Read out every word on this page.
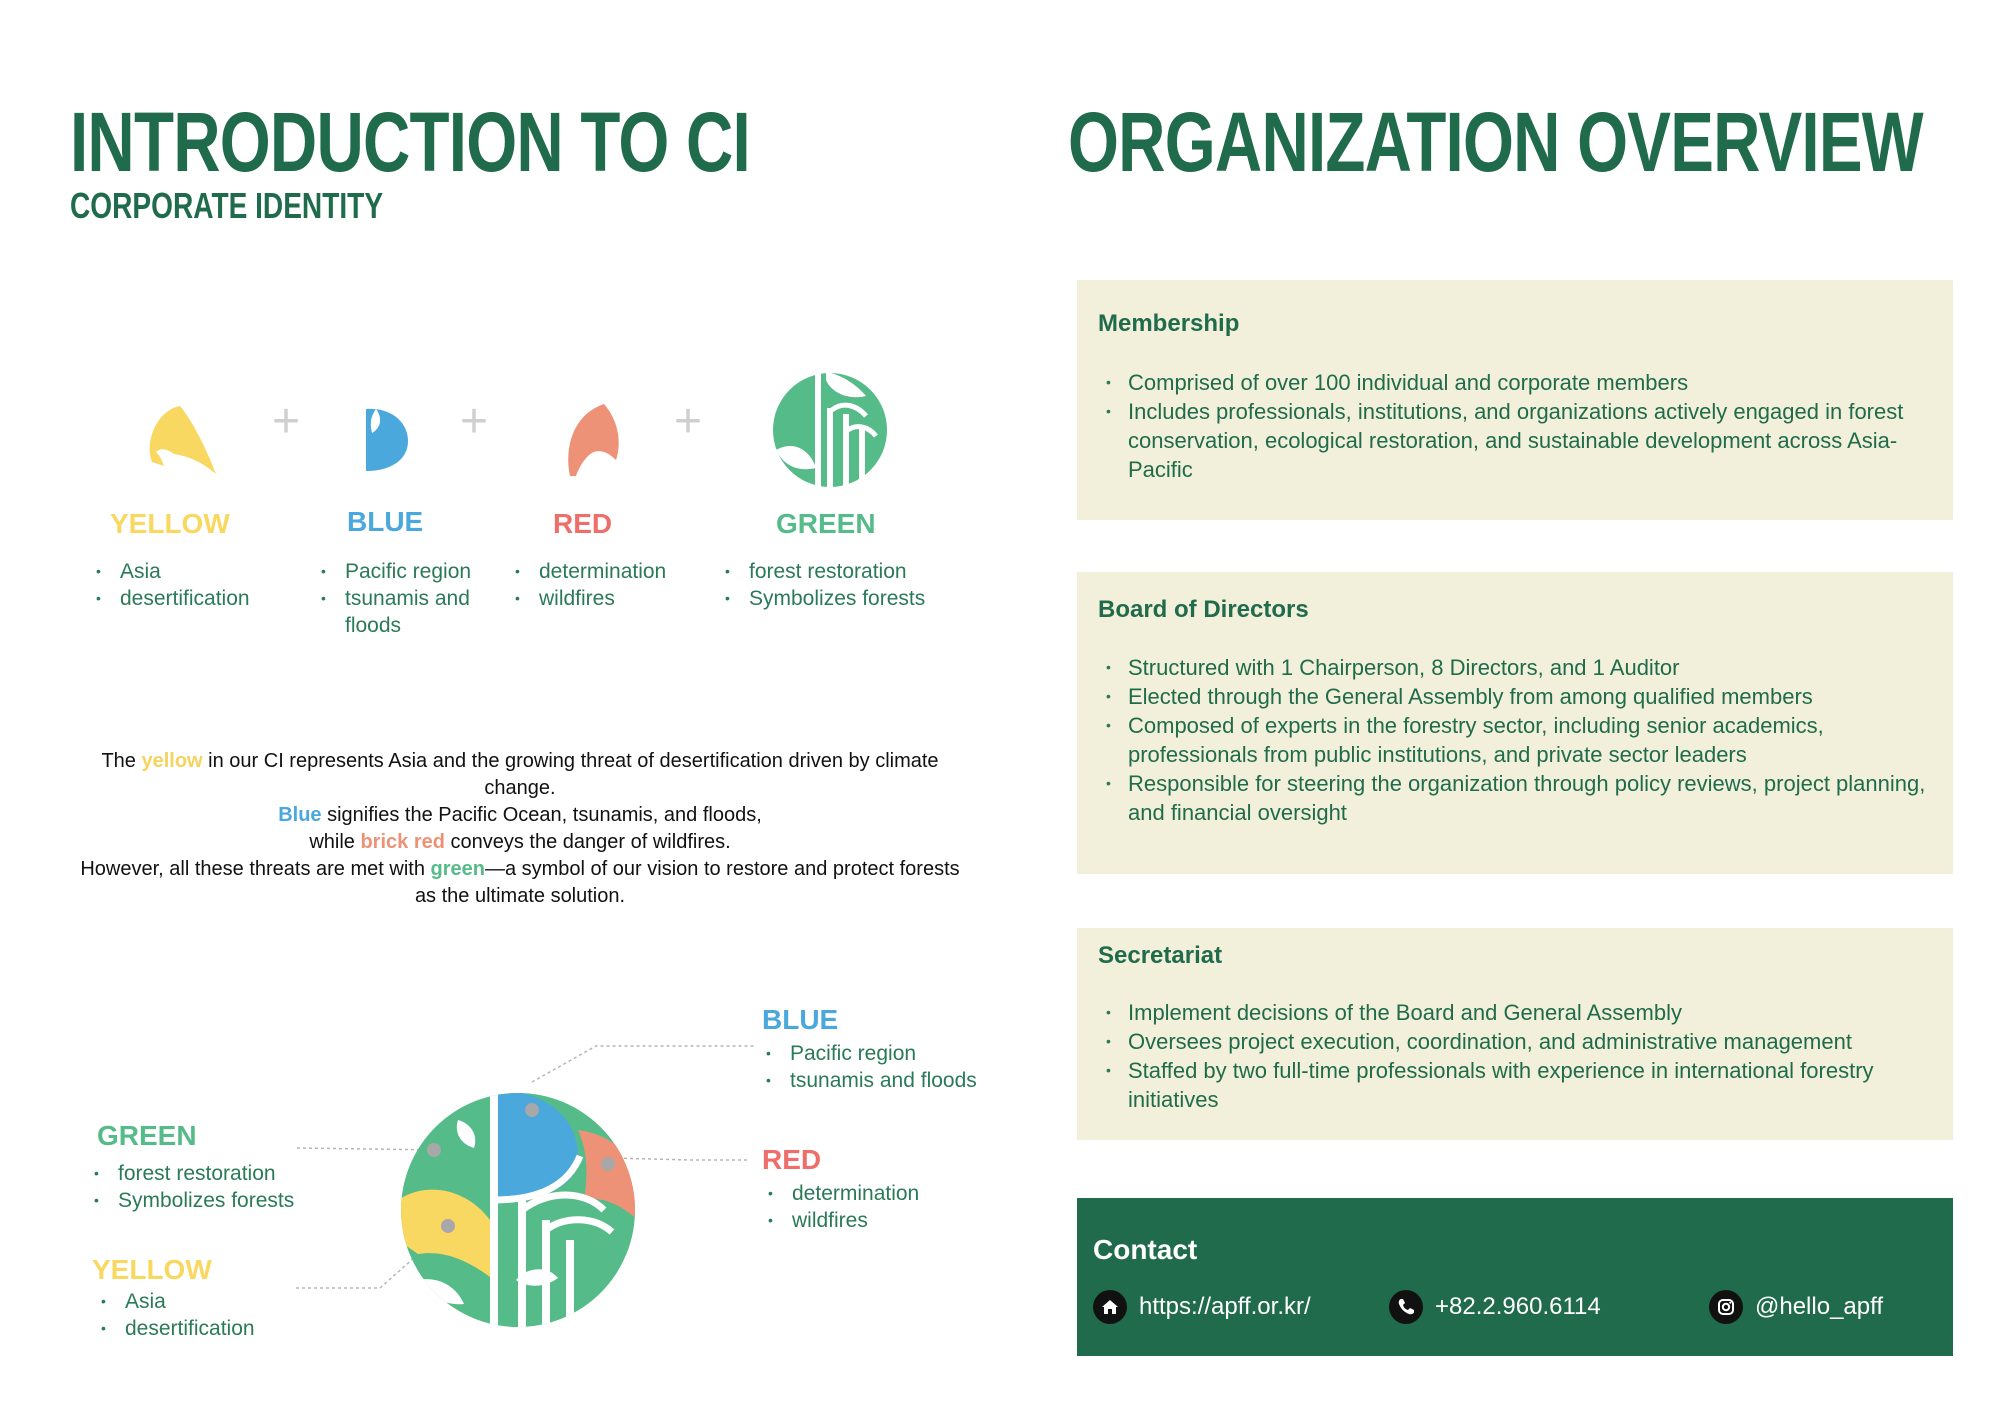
INTRODUCTION TO CI
CORPORATE IDENTITY
+	+	+
YELLOW	BLUE	RED	GREEN
• Asia
• desertification
• Pacific region
• tsunamis and floods
• determination
• wildfires
• forest restoration
• Symbolizes forests
The yellow in our CI represents Asia and the growing threat of desertification driven by climate change.
Blue signifies the Pacific Ocean, tsunamis, and floods,
while brick red conveys the danger of wildfires.
However, all these threats are met with green—a symbol of our vision to restore and protect forests as the ultimate solution.
BLUE
• Pacific region
• tsunamis and floods
RED
• determination
• wildfires
GREEN
• forest restoration
• Symbolizes forests
YELLOW
• Asia
• desertification
ORGANIZATION OVERVIEW
Membership
• Comprised of over 100 individual and corporate members
• Includes professionals, institutions, and organizations actively engaged in forest conservation, ecological restoration, and sustainable development across Asia-Pacific
Board of Directors
• Structured with 1 Chairperson, 8 Directors, and 1 Auditor
• Elected through the General Assembly from among qualified members
• Composed of experts in the forestry sector, including senior academics, professionals from public institutions, and private sector leaders
• Responsible for steering the organization through policy reviews, project planning, and financial oversight
Secretariat
• Implement decisions of the Board and General Assembly
• Oversees project execution, coordination, and administrative management
• Staffed by two full-time professionals with experience in international forestry initiatives
Contact
https://apff.or.kr/	+82.2.960.6114	@hello_apff
